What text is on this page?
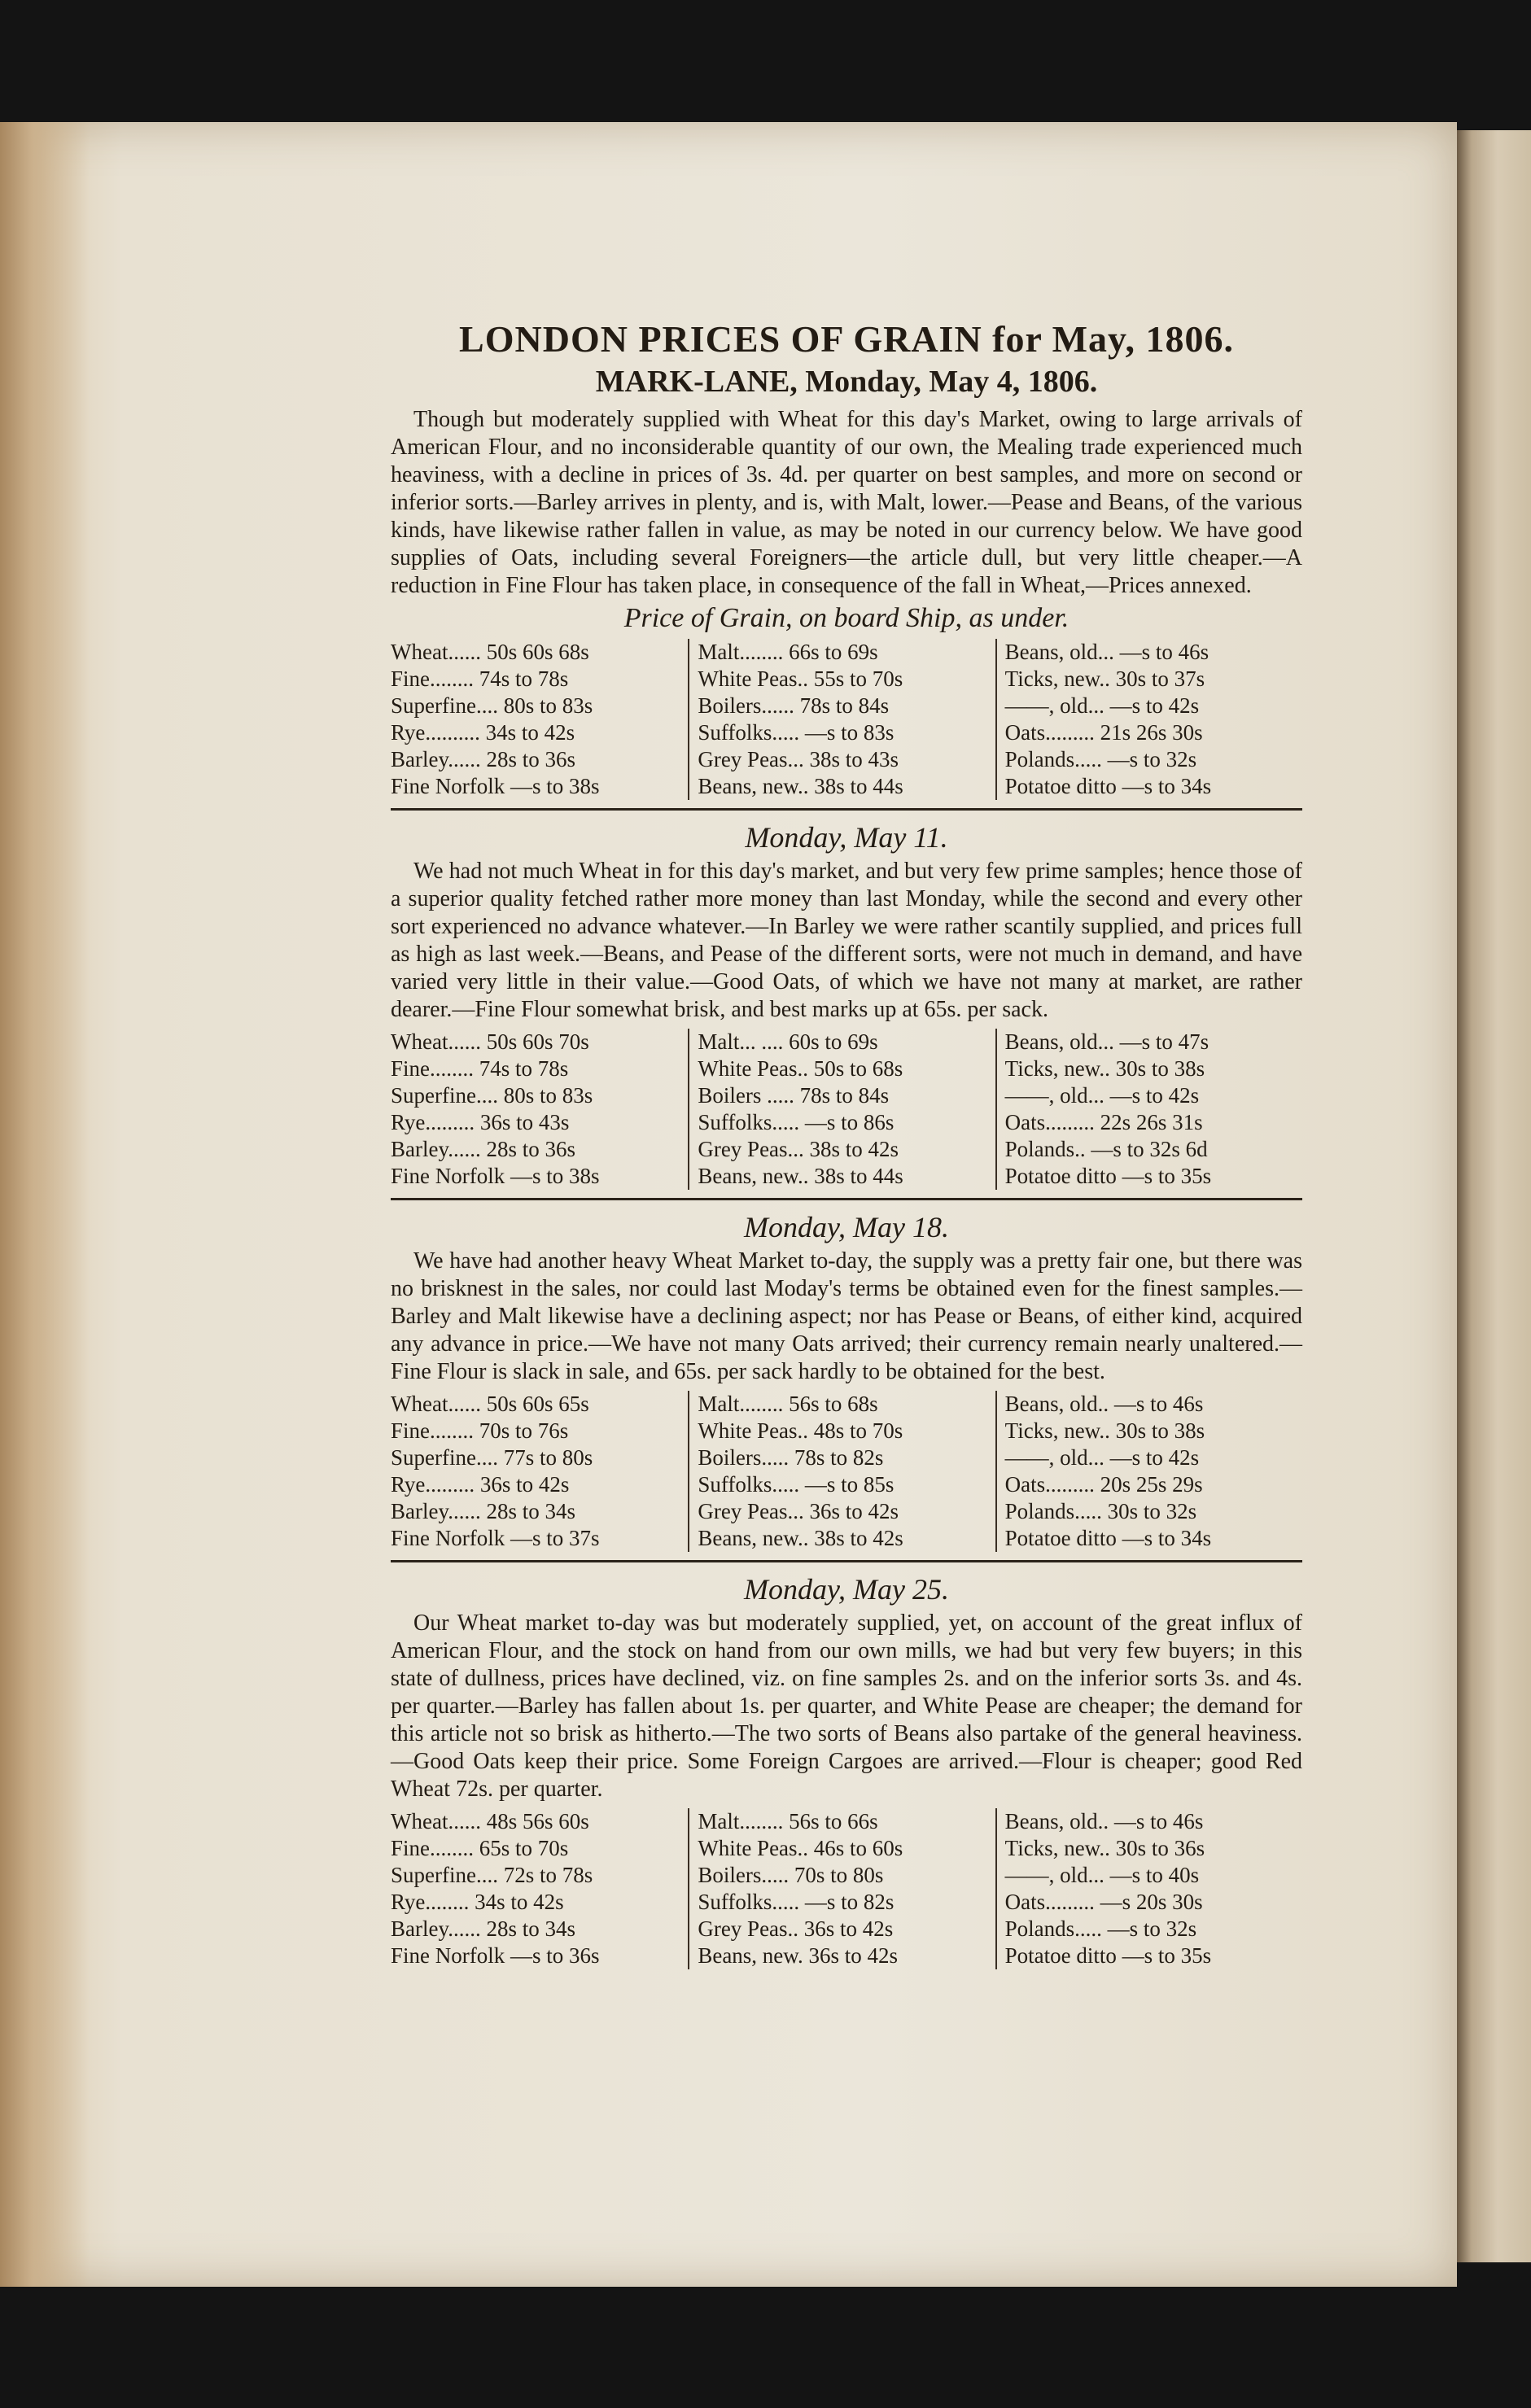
LONDON PRICES OF GRAIN for May, 1806.
MARK-LANE, Monday, May 4, 1806.

Though but moderately supplied with Wheat for this day's Market, owing to large arrivals of American Flour, and no inconsiderable quantity of our own, the Mealing trade experienced much heaviness, with a decline in prices of 3s. 4d. per quarter on best samples, and more on second or inferior sorts.—Barley arrives in plenty, and is, with Malt, lower.—Pease and Beans, of the various kinds, have likewise rather fallen in value, as may be noted in our currency below. We have good supplies of Oats, including several Foreigners—the article dull, but very little cheaper.—A reduction in Fine Flour has taken place, in consequence of the fall in Wheat,—Prices annexed.

Price of Grain, on board Ship, as under.
Wheat...... 50s 60s 68s
Fine........ 74s to 78s
Superfine.... 80s to 83s
Rye.......... 34s to 42s
Barley...... 28s to 36s
Fine Norfolk —s to 38s
Malt........ 66s to 69s
White Peas.. 55s to 70s
Boilers...... 78s to 84s
Suffolks..... —s to 83s
Grey Peas... 38s to 43s
Beans, new.. 38s to 44s
Beans, old... —s to 46s
Ticks, new.. 30s to 37s
——, old... —s to 42s
Oats......... 21s 26s 30s
Polands..... —s to 32s
Potatoe ditto —s to 34s
Monday, May 11.

We had not much Wheat in for this day's market, and but very few prime samples; hence those of a superior quality fetched rather more money than last Monday, while the second and every other sort experienced no advance whatever.—In Barley we were rather scantily supplied, and prices full as high as last week.—Beans, and Pease of the different sorts, were not much in demand, and have varied very little in their value.—Good Oats, of which we have not many at market, are rather dearer.—Fine Flour somewhat brisk, and best marks up at 65s. per sack.

Wheat...... 50s 60s 70s
Fine........ 74s to 78s
Superfine.... 80s to 83s
Rye......... 36s to 43s
Barley...... 28s to 36s
Fine Norfolk —s to 38s
Malt... .... 60s to 69s
White Peas.. 50s to 68s
Boilers ..... 78s to 84s
Suffolks..... —s to 86s
Grey Peas... 38s to 42s
Beans, new.. 38s to 44s
Beans, old... —s to 47s
Ticks, new.. 30s to 38s
——, old... —s to 42s
Oats......... 22s 26s 31s
Polands.. —s to 32s 6d
Potatoe ditto —s to 35s
Monday, May 18.

We have had another heavy Wheat Market to-day, the supply was a pretty fair one, but there was no brisknest in the sales, nor could last Moday's terms be obtained even for the finest samples.—Barley and Malt likewise have a declining aspect; nor has Pease or Beans, of either kind, acquired any advance in price.—We have not many Oats arrived; their currency remain nearly unaltered.—Fine Flour is slack in sale, and 65s. per sack hardly to be obtained for the best.

Wheat...... 50s 60s 65s
Fine........ 70s to 76s
Superfine.... 77s to 80s
Rye......... 36s to 42s
Barley...... 28s to 34s
Fine Norfolk —s to 37s
Malt........ 56s to 68s
White Peas.. 48s to 70s
Boilers..... 78s to 82s
Suffolks..... —s to 85s
Grey Peas... 36s to 42s
Beans, new.. 38s to 42s
Beans, old.. —s to 46s
Ticks, new.. 30s to 38s
——, old... —s to 42s
Oats......... 20s 25s 29s
Polands..... 30s to 32s
Potatoe ditto —s to 34s
Monday, May 25.

Our Wheat market to-day was but moderately supplied, yet, on account of the great influx of American Flour, and the stock on hand from our own mills, we had but very few buyers; in this state of dullness, prices have declined, viz. on fine samples 2s. and on the inferior sorts 3s. and 4s. per quarter.—Barley has fallen about 1s. per quarter, and White Pease are cheaper; the demand for this article not so brisk as hitherto.—The two sorts of Beans also partake of the general heaviness.—Good Oats keep their price. Some Foreign Cargoes are arrived.—Flour is cheaper; good Red Wheat 72s. per quarter.

Wheat...... 48s 56s 60s
Fine........ 65s to 70s
Superfine.... 72s to 78s
Rye........ 34s to 42s
Barley...... 28s to 34s
Fine Norfolk —s to 36s
Malt........ 56s to 66s
White Peas.. 46s to 60s
Boilers..... 70s to 80s
Suffolks..... —s to 82s
Grey Peas.. 36s to 42s
Beans, new. 36s to 42s
Beans, old.. —s to 46s
Ticks, new.. 30s to 36s
——, old... —s to 40s
Oats......... —s 20s 30s
Polands..... —s to 32s
Potatoe ditto —s to 35s
